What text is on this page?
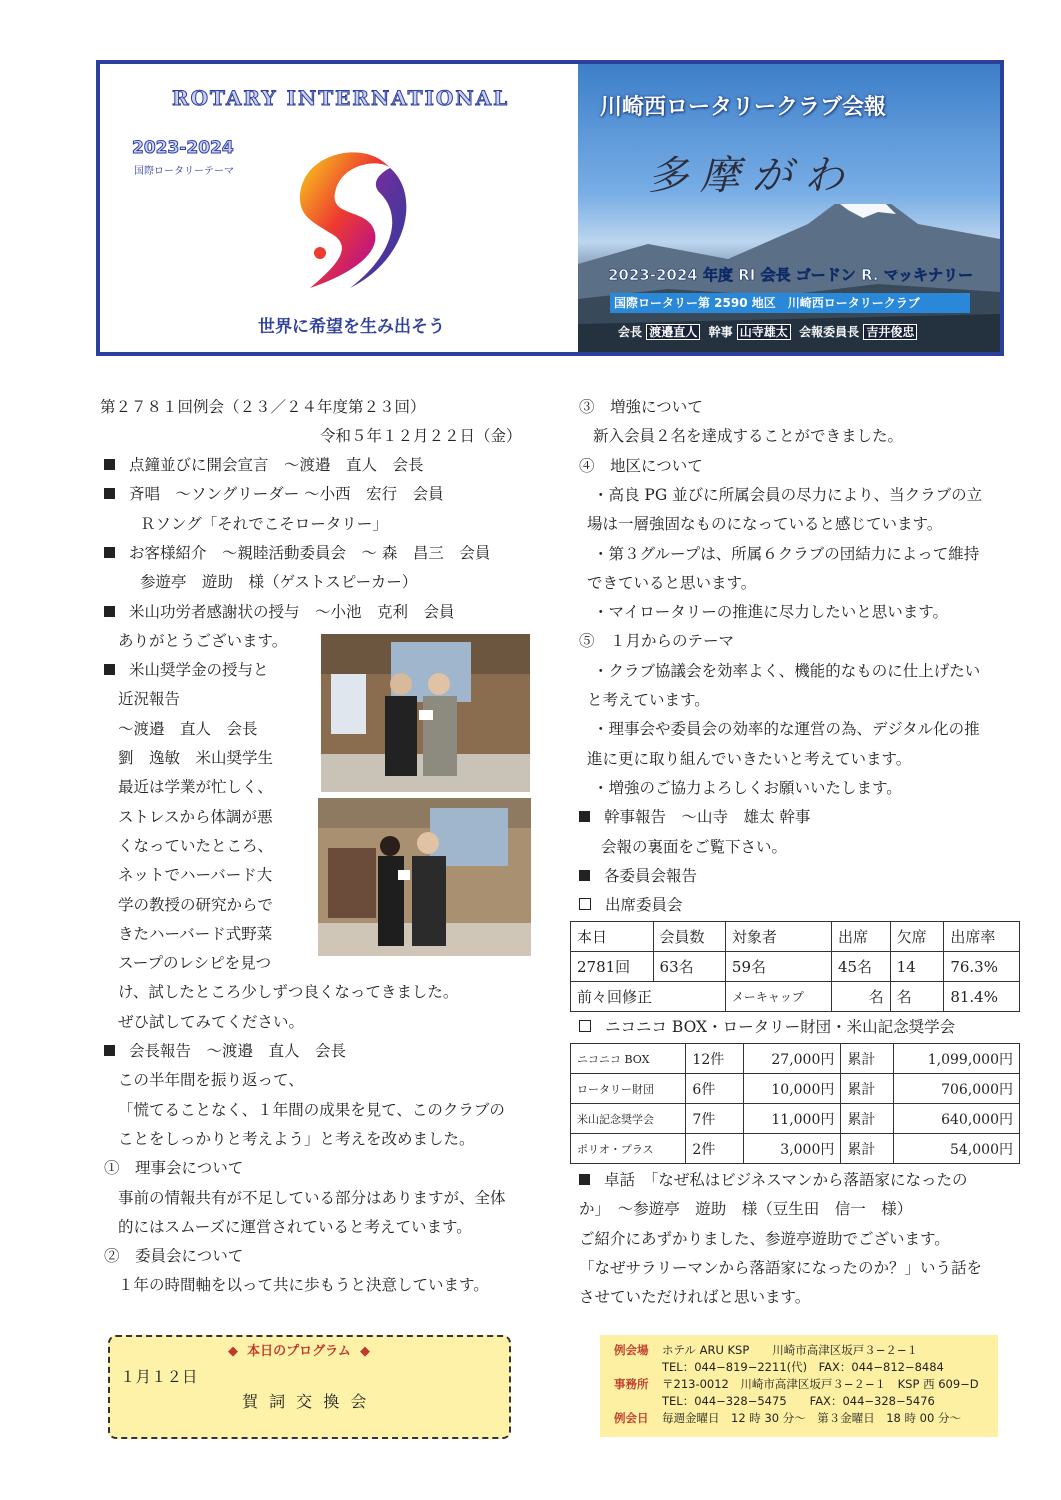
ROTARY INTERNATIONAL
2023-2024
国際ロータリーテーマ
世界に希望を生み出そう
川崎西ロータリークラブ会報
多摩がわ
2023-2024 年度 RI 会長 ゴードン R. マッキナリー
国際ロータリー第 2590 地区　川崎西ロータリークラブ
会長 渡邉直人 幹事 山寺雄太 会報委員長 吉井俊忠
第２７８１回例会（２３／２４年度第２３回）
令和５年１２月２２日（金）
点鐘並びに開会宣言　～渡邉　直人　会長
斉唱　～ソングリーダー ～小西　宏行　会員
Ｒソング「それでこそロータリー」
お客様紹介　～親睦活動委員会　～ 森　昌三　会員
参遊亭　遊助　様（ゲストスピーカー）
米山功労者感謝状の授与　～小池　克利　会員
ありがとうございます。
米山奨学金の授与と
近況報告
～渡邉　直人　会長
劉　逸敏　米山奨学生
最近は学業が忙しく、
ストレスから体調が悪
くなっていたところ、
ネットでハーバード大
学の教授の研究からで
きたハーバード式野菜
スープのレシピを見つ
け、試したところ少しずつ良くなってきました。
ぜひ試してみてください。
会長報告　～渡邉　直人　会長
この半年間を振り返って、
「慌てることなく、１年間の成果を見て、このクラブの
ことをしっかりと考えよう」と考えを改めました。
①　理事会について
事前の情報共有が不足している部分はありますが、全体
的にはスムーズに運営されていると考えています。
②　委員会について
１年の時間軸を以って共に歩もうと決意しています。
③　増強について
新入会員２名を達成することができました。
④　地区について
・高良 PG 並びに所属会員の尽力により、当クラブの立
場は一層強固なものになっていると感じています。
・第３グループは、所属６クラブの団結力によって維持
できていると思います。
・マイロータリーの推進に尽力したいと思います。
⑤　１月からのテーマ
・クラブ協議会を効率よく、機能的なものに仕上げたい
と考えています。
・理事会や委員会の効率的な運営の為、デジタル化の推
進に更に取り組んでいきたいと考えています。
・増強のご協力よろしくお願いいたします。
幹事報告　～山寺　雄太 幹事
会報の裏面をご覧下さい。
各委員会報告
出席委員会
本日	会員数	対象者	出席	欠席	出席率
2781回	63名	59名	45名	14	76.3%
前々回修正		メーキャップ	名	名	81.4%
ニコニコ BOX・ロータリー財団・米山記念奨学会
ニコニコ BOX	12件	27,000円	累計	1,099,000円
ロータリー財団	6件	10,000円	累計	706,000円
米山記念奨学会	7件	11,000円	累計	640,000円
ポリオ・プラス	2件	3,000円	累計	54,000円
卓話　「なぜ私はビジネスマンから落語家になったの
か」　～参遊亭　遊助　様（豆生田　信一　様）
ご紹介にあずかりました、参遊亭遊助でございます。
「なぜサラリーマンから落語家になったのか？」いう話を
させていただければと思います。
◆ 本日のプログラム ◆
１月１２日
賀 詞 交 換 会
例会場 ホテル ARU KSP　　川崎市高津区坂戸３−２−１
TEL：044−819−2211(代)　FAX：044−812−8484
事務所 〒213-0012　川崎市高津区坂戸３−２−１　KSP 西 609−D
TEL：044−328−5475　　FAX：044−328−5476
例会日 毎週金曜日　12 時 30 分〜　第３金曜日　18 時 00 分〜
